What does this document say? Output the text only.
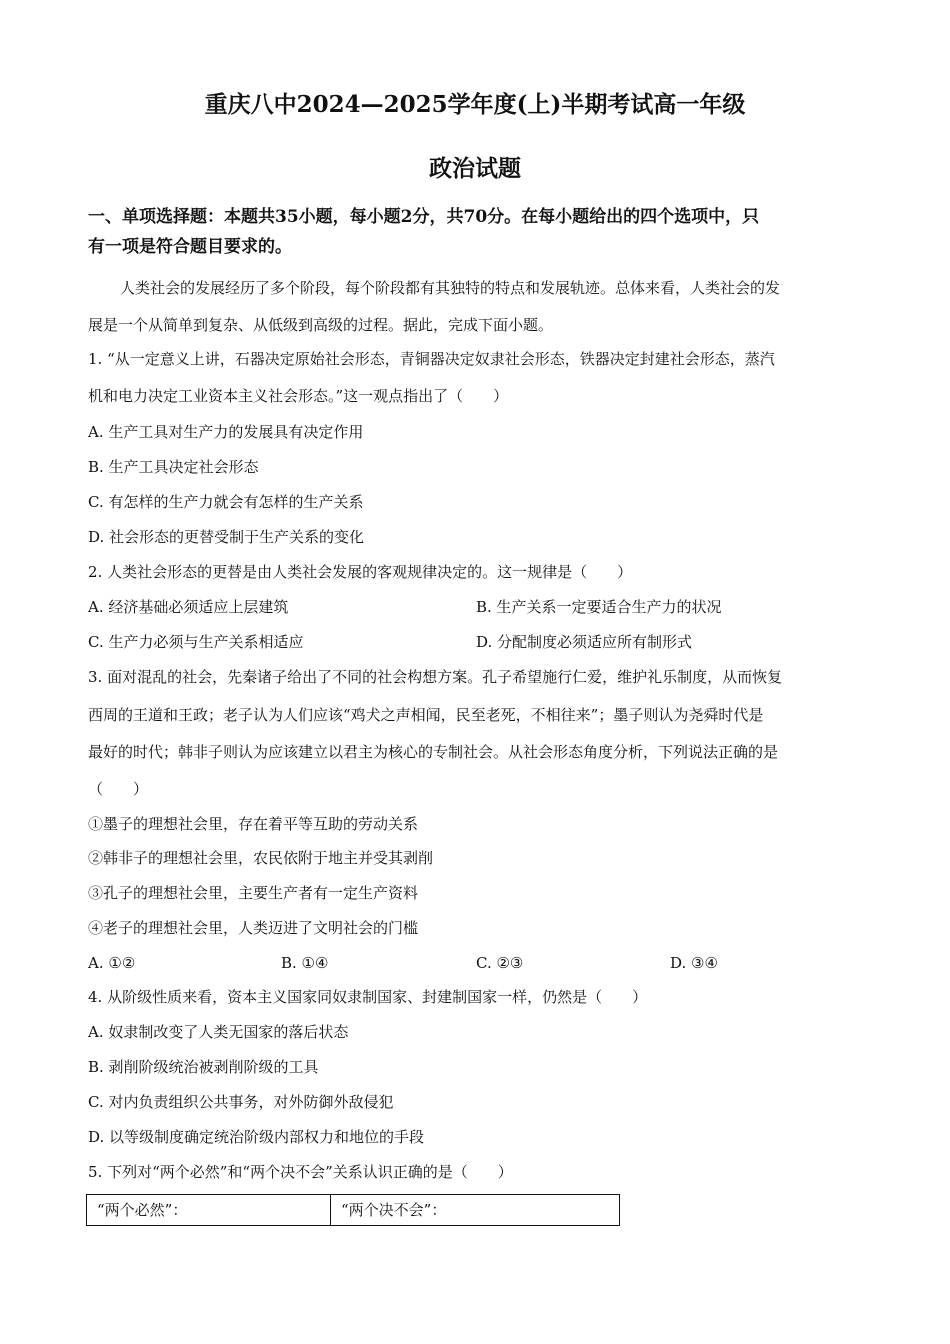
重庆八中2024—2025学年度(上)半期考试高一年级
政治试题
一、单项选择题：本题共35小题，每小题2分，共70分。在每小题给出的四个选项中，只
有一项是符合题目要求的。
人类社会的发展经历了多个阶段，每个阶段都有其独特的特点和发展轨迹。总体来看，人类社会的发
展是一个从简单到复杂、从低级到高级的过程。据此，完成下面小题。
1. “从一定意义上讲，石器决定原始社会形态，青铜器决定奴隶社会形态，铁器决定封建社会形态，蒸汽
机和电力决定工业资本主义社会形态。”这一观点指出了（　　）
A. 生产工具对生产力的发展具有决定作用
B. 生产工具决定社会形态
C. 有怎样的生产力就会有怎样的生产关系
D. 社会形态的更替受制于生产关系的变化
2. 人类社会形态的更替是由人类社会发展的客观规律决定的。这一规律是（　　）
A. 经济基础必须适应上层建筑	B. 生产关系一定要适合生产力的状况
C. 生产力必须与生产关系相适应	D. 分配制度必须适应所有制形式
3. 面对混乱的社会，先秦诸子给出了不同的社会构想方案。孔子希望施行仁爱，维护礼乐制度，从而恢复
西周的王道和王政；老子认为人们应该“鸡犬之声相闻，民至老死，不相往来”；墨子则认为尧舜时代是
最好的时代；韩非子则认为应该建立以君主为核心的专制社会。从社会形态角度分析，下列说法正确的是
（　　）
①墨子的理想社会里，存在着平等互助的劳动关系
②韩非子的理想社会里，农民依附于地主并受其剥削
③孔子的理想社会里，主要生产者有一定生产资料
④老子的理想社会里，人类迈进了文明社会的门槛
A. ①②	B. ①④	C. ②③	D. ③④
4. 从阶级性质来看，资本主义国家同奴隶制国家、封建制国家一样，仍然是（　　）
A. 奴隶制改变了人类无国家的落后状态
B. 剥削阶级统治被剥削阶级的工具
C. 对内负责组织公共事务，对外防御外敌侵犯
D. 以等级制度确定统治阶级内部权力和地位的手段
5. 下列对“两个必然”和“两个决不会”关系认识正确的是（　　）
“两个必然”：	“两个决不会”：
